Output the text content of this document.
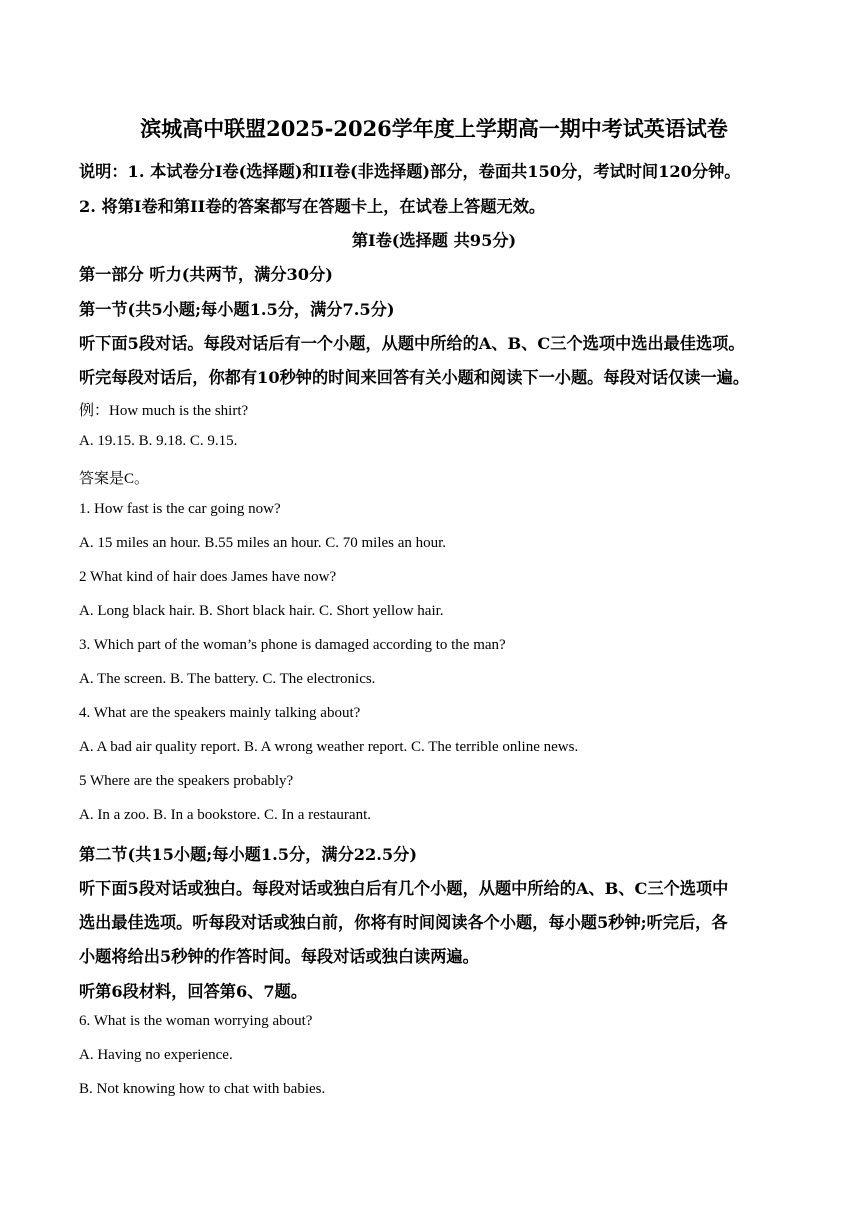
滨城高中联盟2025-2026学年度上学期高一期中考试英语试卷
说明：1. 本试卷分I卷(选择题)和II卷(非选择题)部分，卷面共150分，考试时间120分钟。
2. 将第I卷和第II卷的答案都写在答题卡上，在试卷上答题无效。
第I卷(选择题 共95分)
第一部分 听力(共两节，满分30分)
第一节(共5小题;每小题1.5分，满分7.5分)
听下面5段对话。每段对话后有一个小题，从题中所给的A、B、C三个选项中选出最佳选项。
听完每段对话后，你都有10秒钟的时间来回答有关小题和阅读下一小题。每段对话仅读一遍。
例：How much is the shirt?
A. 19.15. B. 9.18. C. 9.15.
答案是C。
1. How fast is the car going now?
A. 15 miles an hour. B.55 miles an hour. C. 70 miles an hour.
2 What kind of hair does James have now?
A. Long black hair. B. Short black hair. C. Short yellow hair.
3. Which part of the woman’s phone is damaged according to the man?
A. The screen. B. The battery. C. The electronics.
4. What are the speakers mainly talking about?
A. A bad air quality report. B. A wrong weather report. C. The terrible online news.
5 Where are the speakers probably?
A. In a zoo. B. In a bookstore. C. In a restaurant.
第二节(共15小题;每小题1.5分，满分22.5分)
听下面5段对话或独白。每段对话或独白后有几个小题，从题中所给的A、B、C三个选项中
选出最佳选项。听每段对话或独白前，你将有时间阅读各个小题，每小题5秒钟;听完后，各
小题将给出5秒钟的作答时间。每段对话或独白读两遍。
听第6段材料，回答第6、7题。
6. What is the woman worrying about?
A. Having no experience.
B. Not knowing how to chat with babies.
